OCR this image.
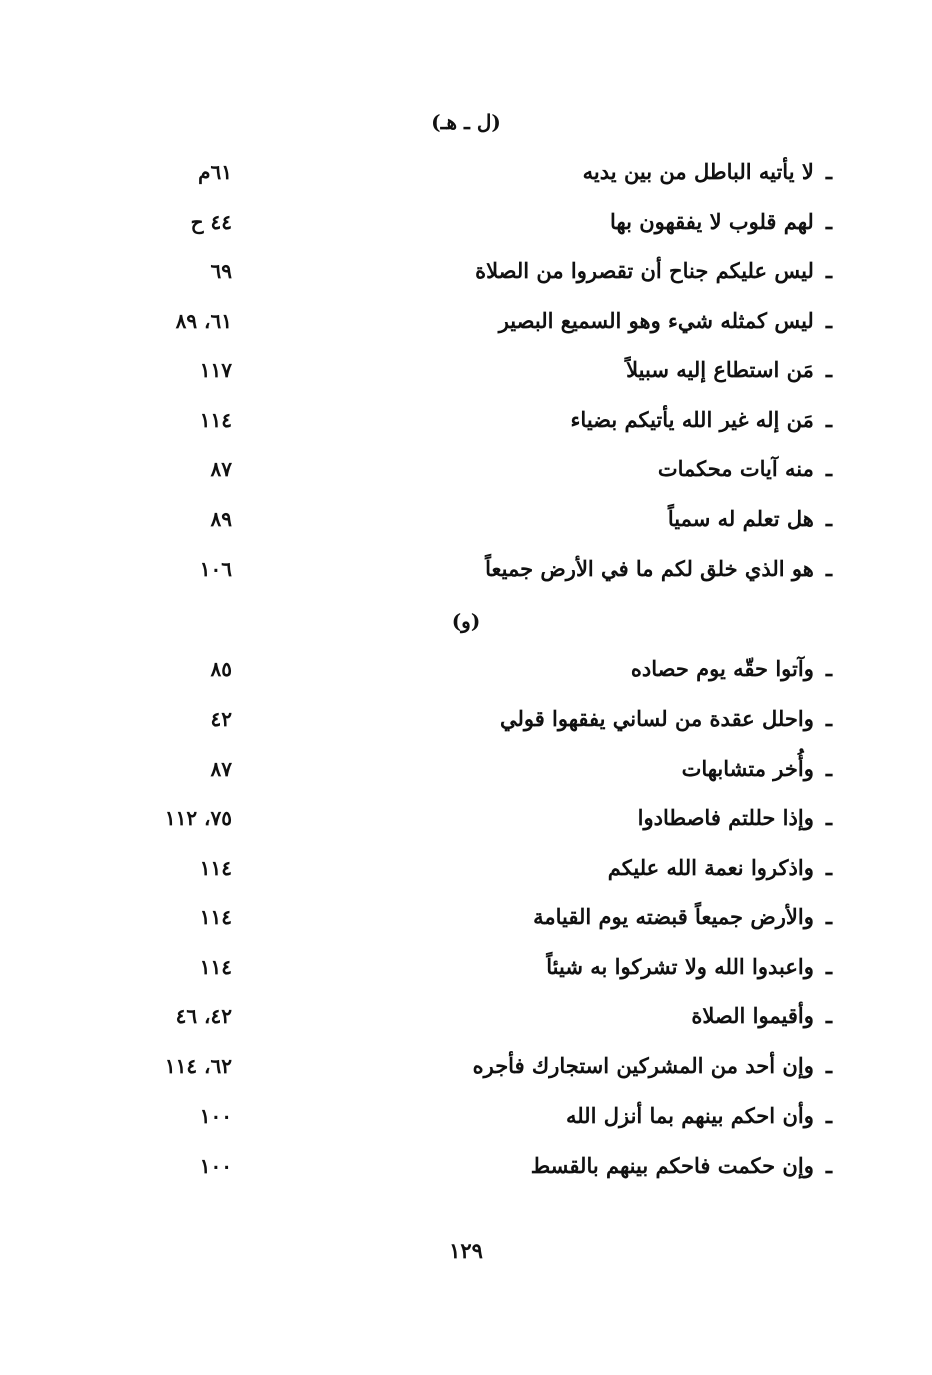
(ل ـ هـ)
ـلا يأتيه الباطل من بين يديه
٦١م
ـلهم قلوب لا يفقهون بها
٤٤ ح
ـليس عليكم جناح أن تقصروا من الصلاة
٦٩
ـليس كمثله شيء وهو السميع البصير
٦١، ٨٩
ـمَن استطاع إليه سبيلاً
١١٧
ـمَن إله غير الله يأتيكم بضياء
١١٤
ـمنه آيات محكمات
٨٧
ـهل تعلم له سمياً
٨٩
ـهو الذي خلق لكم ما في الأرض جميعاً
١٠٦
(و)
ـوآتوا حقّه يوم حصاده
٨٥
ـواحلل عقدة من لساني يفقهوا قولي
٤٢
ـوأُخر متشابهات
٨٧
ـوإذا حللتم فاصطادوا
٧٥، ١١٢
ـواذكروا نعمة الله عليكم
١١٤
ـوالأرض جميعاً قبضته يوم القيامة
١١٤
ـواعبدوا الله ولا تشركوا به شيئاً
١١٤
ـوأقيموا الصلاة
٤٢، ٤٦
ـوإن أحد من المشركين استجارك فأجره
٦٢، ١١٤
ـوأن احكم بينهم بما أنزل الله
١٠٠
ـوإن حكمت فاحكم بينهم بالقسط
١٠٠
١٢٩
